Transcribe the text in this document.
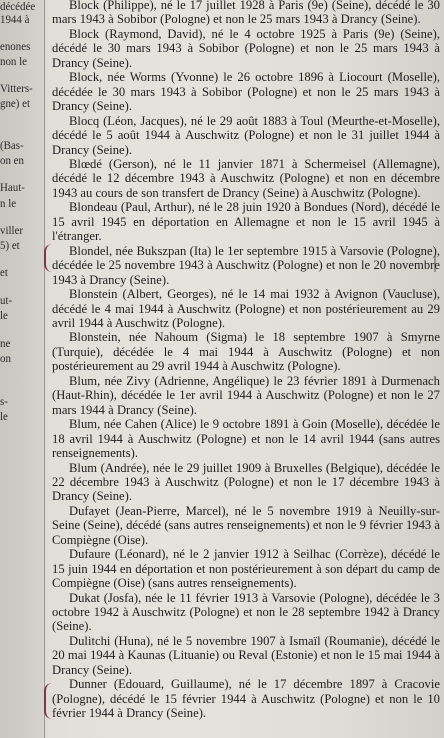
décédée
1944 à
enones
non le
Vitters-
gne) et
(Bas-
on en
Haut-
n le
viller
5) et
et
ut-
le
ne
on
s-
le

Block (Philippe), né le 17 juillet 1928 à Paris (9e) (Seine), décédé le 30 mars 1943 à Sobibor (Pologne) et non le 25 mars 1943 à Drancy (Seine).

Block (Raymond, David), né le 4 octobre 1925 à Paris (9e) (Seine), décédé le 30 mars 1943 à Sobibor (Pologne) et non le 25 mars 1943 à Drancy (Seine).

Block, née Worms (Yvonne) le 26 octobre 1896 à Liocourt (Moselle), décédée le 30 mars 1943 à Sobibor (Pologne) et non le 25 mars 1943 à Drancy (Seine).

Blocq (Léon, Jacques), né le 29 août 1883 à Toul (Meurthe-et-Moselle), décédé le 5 août 1944 à Auschwitz (Pologne) et non le 31 juillet 1944 à Drancy (Seine).

Blœdé (Gerson), né le 11 janvier 1871 à Schermeisel (Allemagne), décédé le 12 décembre 1943 à Auschwitz (Pologne) et non en décembre 1943 au cours de son transfert de Drancy (Seine) à Auschwitz (Pologne).

Blondeau (Paul, Arthur), né le 28 juin 1920 à Bondues (Nord), décédé le 15 avril 1945 en déportation en Allemagne et non le 15 avril 1945 à l'étranger.

Blondel, née Bukszpan (Ita) le 1er septembre 1915 à Varsovie (Pologne), décédée le 25 novembre 1943 à Auschwitz (Pologne) et non le 20 novembre 1943 à Drancy (Seine).

Blonstein (Albert, Georges), né le 14 mai 1932 à Avignon (Vaucluse), décédé le 4 mai 1944 à Auschwitz (Pologne) et non postérieurement au 29 avril 1944 à Auschwitz (Pologne).

Blonstein, née Nahoum (Sigma) le 18 septembre 1907 à Smyrne (Turquie), décédée le 4 mai 1944 à Auschwitz (Pologne) et non postérieurement au 29 avril 1944 à Auschwitz (Pologne).

Blum, née Zivy (Adrienne, Angélique) le 23 février 1891 à Durmenach (Haut-Rhin), décédée le 1er avril 1944 à Auschwitz (Pologne) et non le 27 mars 1944 à Drancy (Seine).

Blum, née Cahen (Alice) le 9 octobre 1891 à Goin (Moselle), décédée le 18 avril 1944 à Auschwitz (Pologne) et non le 14 avril 1944 (sans autres renseignements).

Blum (Andrée), née le 29 juillet 1909 à Bruxelles (Belgique), décédée le 22 décembre 1943 à Auschwitz (Pologne) et non le 17 décembre 1943 à Drancy (Seine).

Dufayet (Jean-Pierre, Marcel), né le 5 novembre 1919 à Neuilly-sur-Seine (Seine), décédé (sans autres renseignements) et non le 9 février 1943 à Compiègne (Oise).

Dufaure (Léonard), né le 2 janvier 1912 à Seilhac (Corrèze), décédé le 15 juin 1944 en déportation et non postérieurement à son départ du camp de Compiègne (Oise) (sans autres renseignements).

Dukat (Josfa), née le 11 février 1913 à Varsovie (Pologne), décédée le 3 octobre 1942 à Auschwitz (Pologne) et non le 28 septembre 1942 à Drancy (Seine).

Dulitchi (Huna), né le 5 novembre 1907 à Ismaïl (Roumanie), décédé le 20 mai 1944 à Kaunas (Lituanie) ou Reval (Estonie) et non le 15 mai 1944 à Drancy (Seine).

Dunner (Edouard, Guillaume), né le 17 décembre 1897 à Cracovie (Pologne), décédé le 15 février 1944 à Auschwitz (Pologne) et non le 10 février 1944 à Drancy (Seine).
